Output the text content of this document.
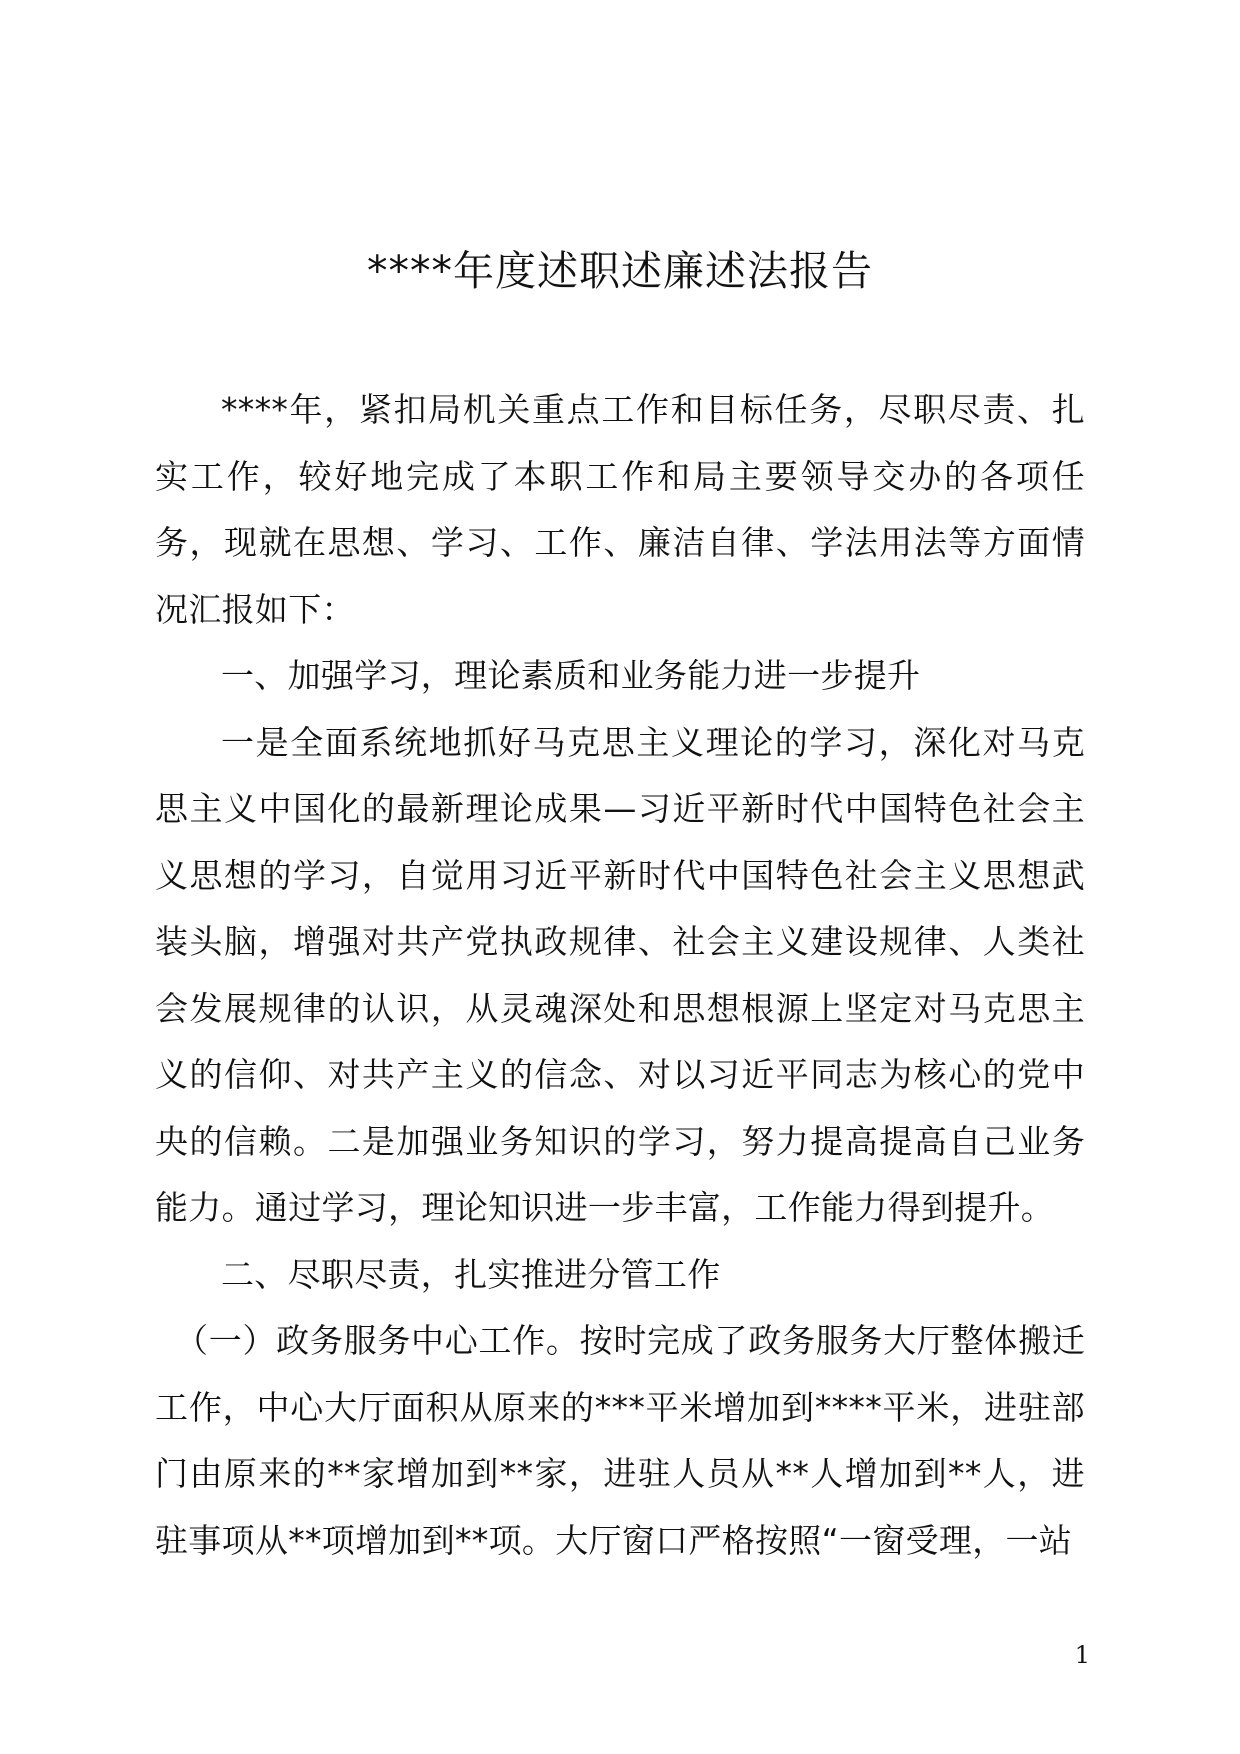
****年度述职述廉述法报告

****年，紧扣局机关重点工作和目标任务，尽职尽责、扎实工作，较好地完成了本职工作和局主要领导交办的各项任务，现就在思想、学习、工作、廉洁自律、学法用法等方面情况汇报如下：

一、加强学习，理论素质和业务能力进一步提升

一是全面系统地抓好马克思主义理论的学习，深化对马克思主义中国化的最新理论成果—习近平新时代中国特色社会主义思想的学习，自觉用习近平新时代中国特色社会主义思想武装头脑，增强对共产党执政规律、社会主义建设规律、人类社会发展规律的认识，从灵魂深处和思想根源上坚定对马克思主义的信仰、对共产主义的信念、对以习近平同志为核心的党中央的信赖。二是加强业务知识的学习，努力提高提高自己业务能力。通过学习，理论知识进一步丰富，工作能力得到提升。

二、尽职尽责，扎实推进分管工作

（一）政务服务中心工作。按时完成了政务服务大厅整体搬迁工作，中心大厅面积从原来的***平米增加到****平米，进驻部门由原来的**家增加到**家，进驻人员从**人增加到**人，进驻事项从**项增加到**项。大厅窗口严格按照“一窗受理，一站

1
